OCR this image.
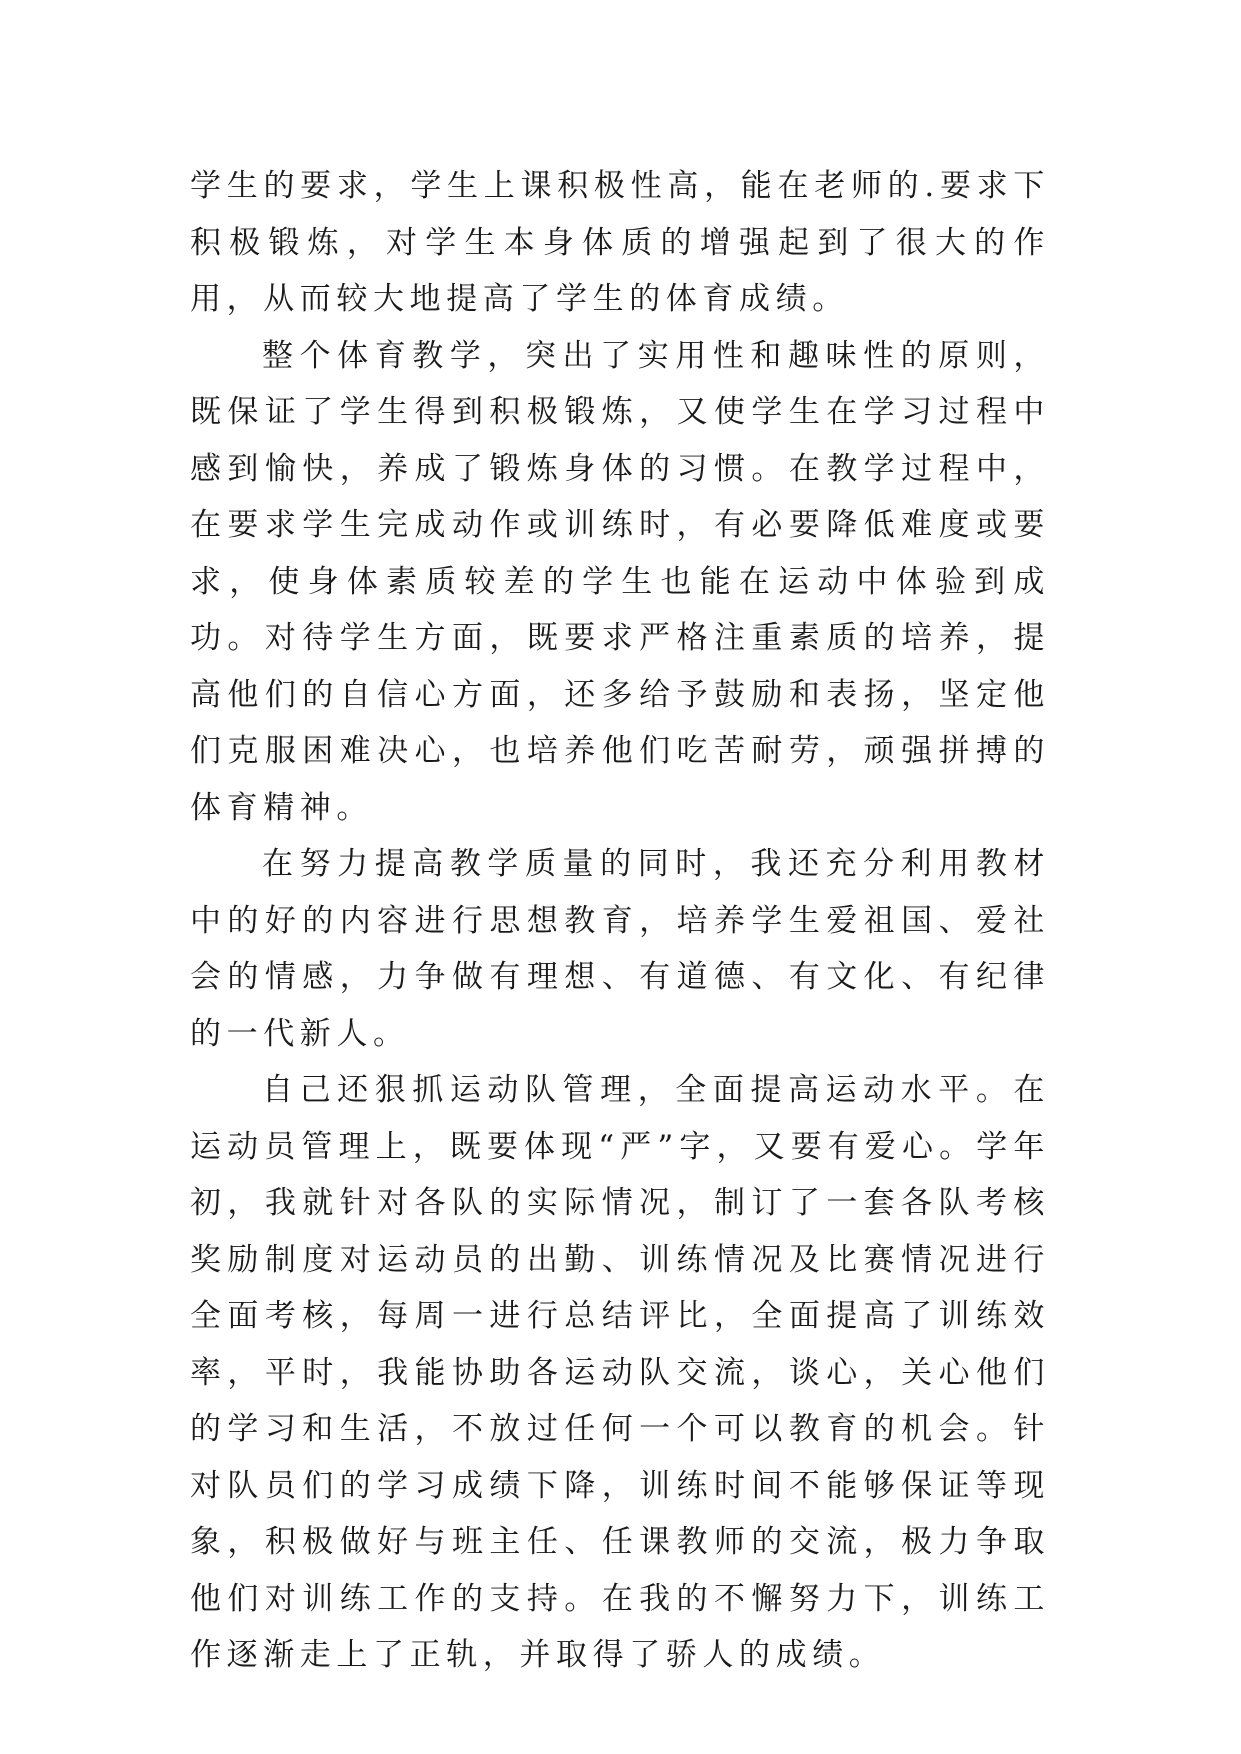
学生的要求，学生上课积极性高，能在老师的.要求下积极锻炼，对学生本身体质的增强起到了很大的作用，从而较大地提高了学生的体育成绩。

整个体育教学，突出了实用性和趣味性的原则，既保证了学生得到积极锻炼，又使学生在学习过程中感到愉快，养成了锻炼身体的习惯。在教学过程中，在要求学生完成动作或训练时，有必要降低难度或要求，使身体素质较差的学生也能在运动中体验到成功。对待学生方面，既要求严格注重素质的培养，提高他们的自信心方面，还多给予鼓励和表扬，坚定他们克服困难决心，也培养他们吃苦耐劳，顽强拼搏的体育精神。

在努力提高教学质量的同时，我还充分利用教材中的好的内容进行思想教育，培养学生爱祖国、爱社会的情感，力争做有理想、有道德、有文化、有纪律的一代新人。

自己还狠抓运动队管理，全面提高运动水平。在运动员管理上，既要体现“严”字，又要有爱心。学年初，我就针对各队的实际情况，制订了一套各队考核奖励制度对运动员的出勤、训练情况及比赛情况进行全面考核，每周一进行总结评比，全面提高了训练效率，平时，我能协助各运动队交流，谈心，关心他们的学习和生活，不放过任何一个可以教育的机会。针对队员们的学习成绩下降，训练时间不能够保证等现象，积极做好与班主任、任课教师的交流，极力争取他们对训练工作的支持。在我的不懈努力下，训练工作逐渐走上了正轨，并取得了骄人的成绩。
